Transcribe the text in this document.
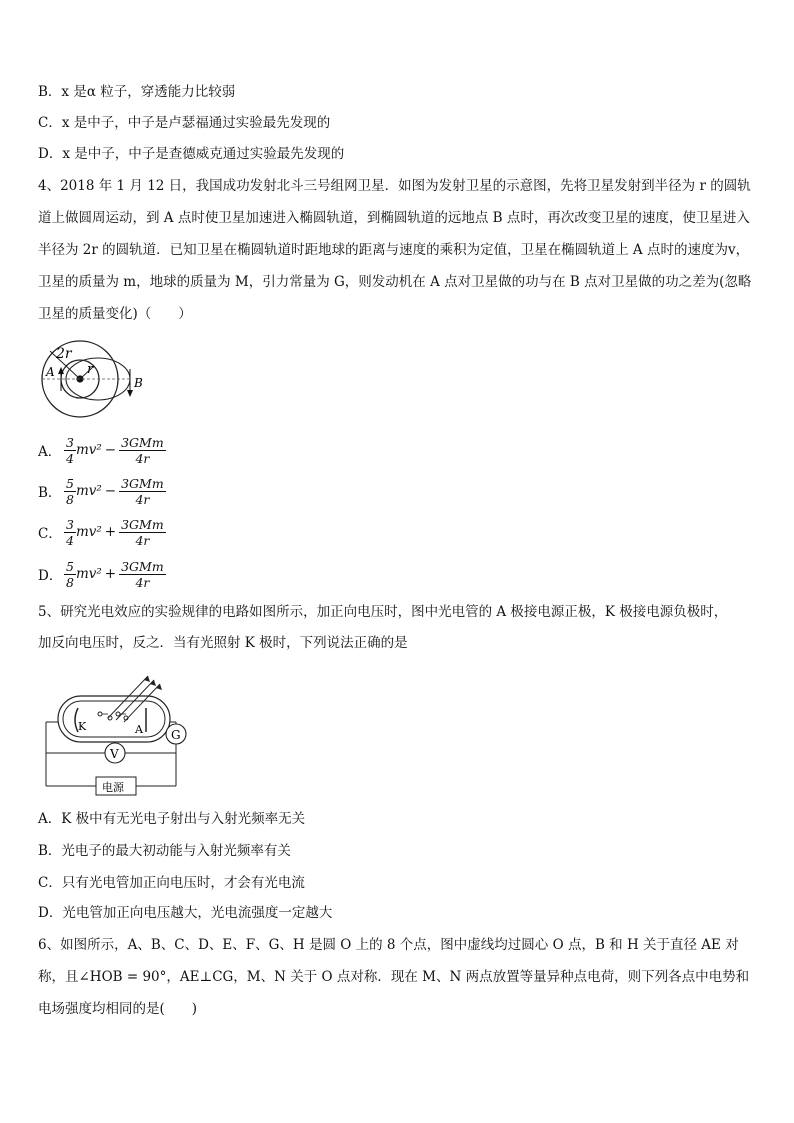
B．x 是α 粒子，穿透能力比较弱
C．x 是中子，中子是卢瑟福通过实验最先发现的
D．x 是中子，中子是查德威克通过实验最先发现的
4、2018 年 1 月 12 日，我国成功发射北斗三号组网卫星．如图为发射卫星的示意图，先将卫星发射到半径为 r 的圆轨道上做圆周运动，到 A 点时使卫星加速进入椭圆轨道，到椭圆轨道的远地点 B 点时，再次改变卫星的速度，使卫星进入半径为 2r 的圆轨道．已知卫星在椭圆轨道时距地球的距离与速度的乘积为定值，卫星在椭圆轨道上 A 点时的速度为v，卫星的质量为 m，地球的质量为 M，引力常量为 G，则发动机在 A 点对卫星做的功与在 B 点对卫星做的功之差为(忽略卫星的质量变化)（　　）
2r
r
A
B
A． $\frac{3}{4} mv^2 - \frac{\text{3GMm}}{4r}$
B． $\frac{5}{8} mv^2 - \frac{\text{3GMm}}{4r}$
C． $\frac{3}{4} mv^2 + \frac{\text{3GMm}}{4r}$
D． $\frac{5}{8} mv^2 + \frac{\text{3GMm}}{4r}$
5、研究光电效应的实验规律的电路如图所示，加正向电压时，图中光电管的 A 极接电源正极，K 极接电源负极时，
加反向电压时，反之．当有光照射 K 极时，下列说法正确的是
K	A G
V
电源
A．K 极中有无光电子射出与入射光频率无关
B．光电子的最大初动能与入射光频率有关
C．只有光电管加正向电压时，才会有光电流
D．光电管加正向电压越大，光电流强度一定越大
6、如图所示，A、B、C、D、E、F、G、H 是圆 O 上的 8 个点，图中虚线均过圆心 O 点，B 和 H 关于直径 AE 对称，且∠HOB = 90°，AE⊥CG，M、N 关于 O 点对称．现在 M、N 两点放置等量异种点电荷，则下列各点中电势和电场强度均相同的是(　　)
